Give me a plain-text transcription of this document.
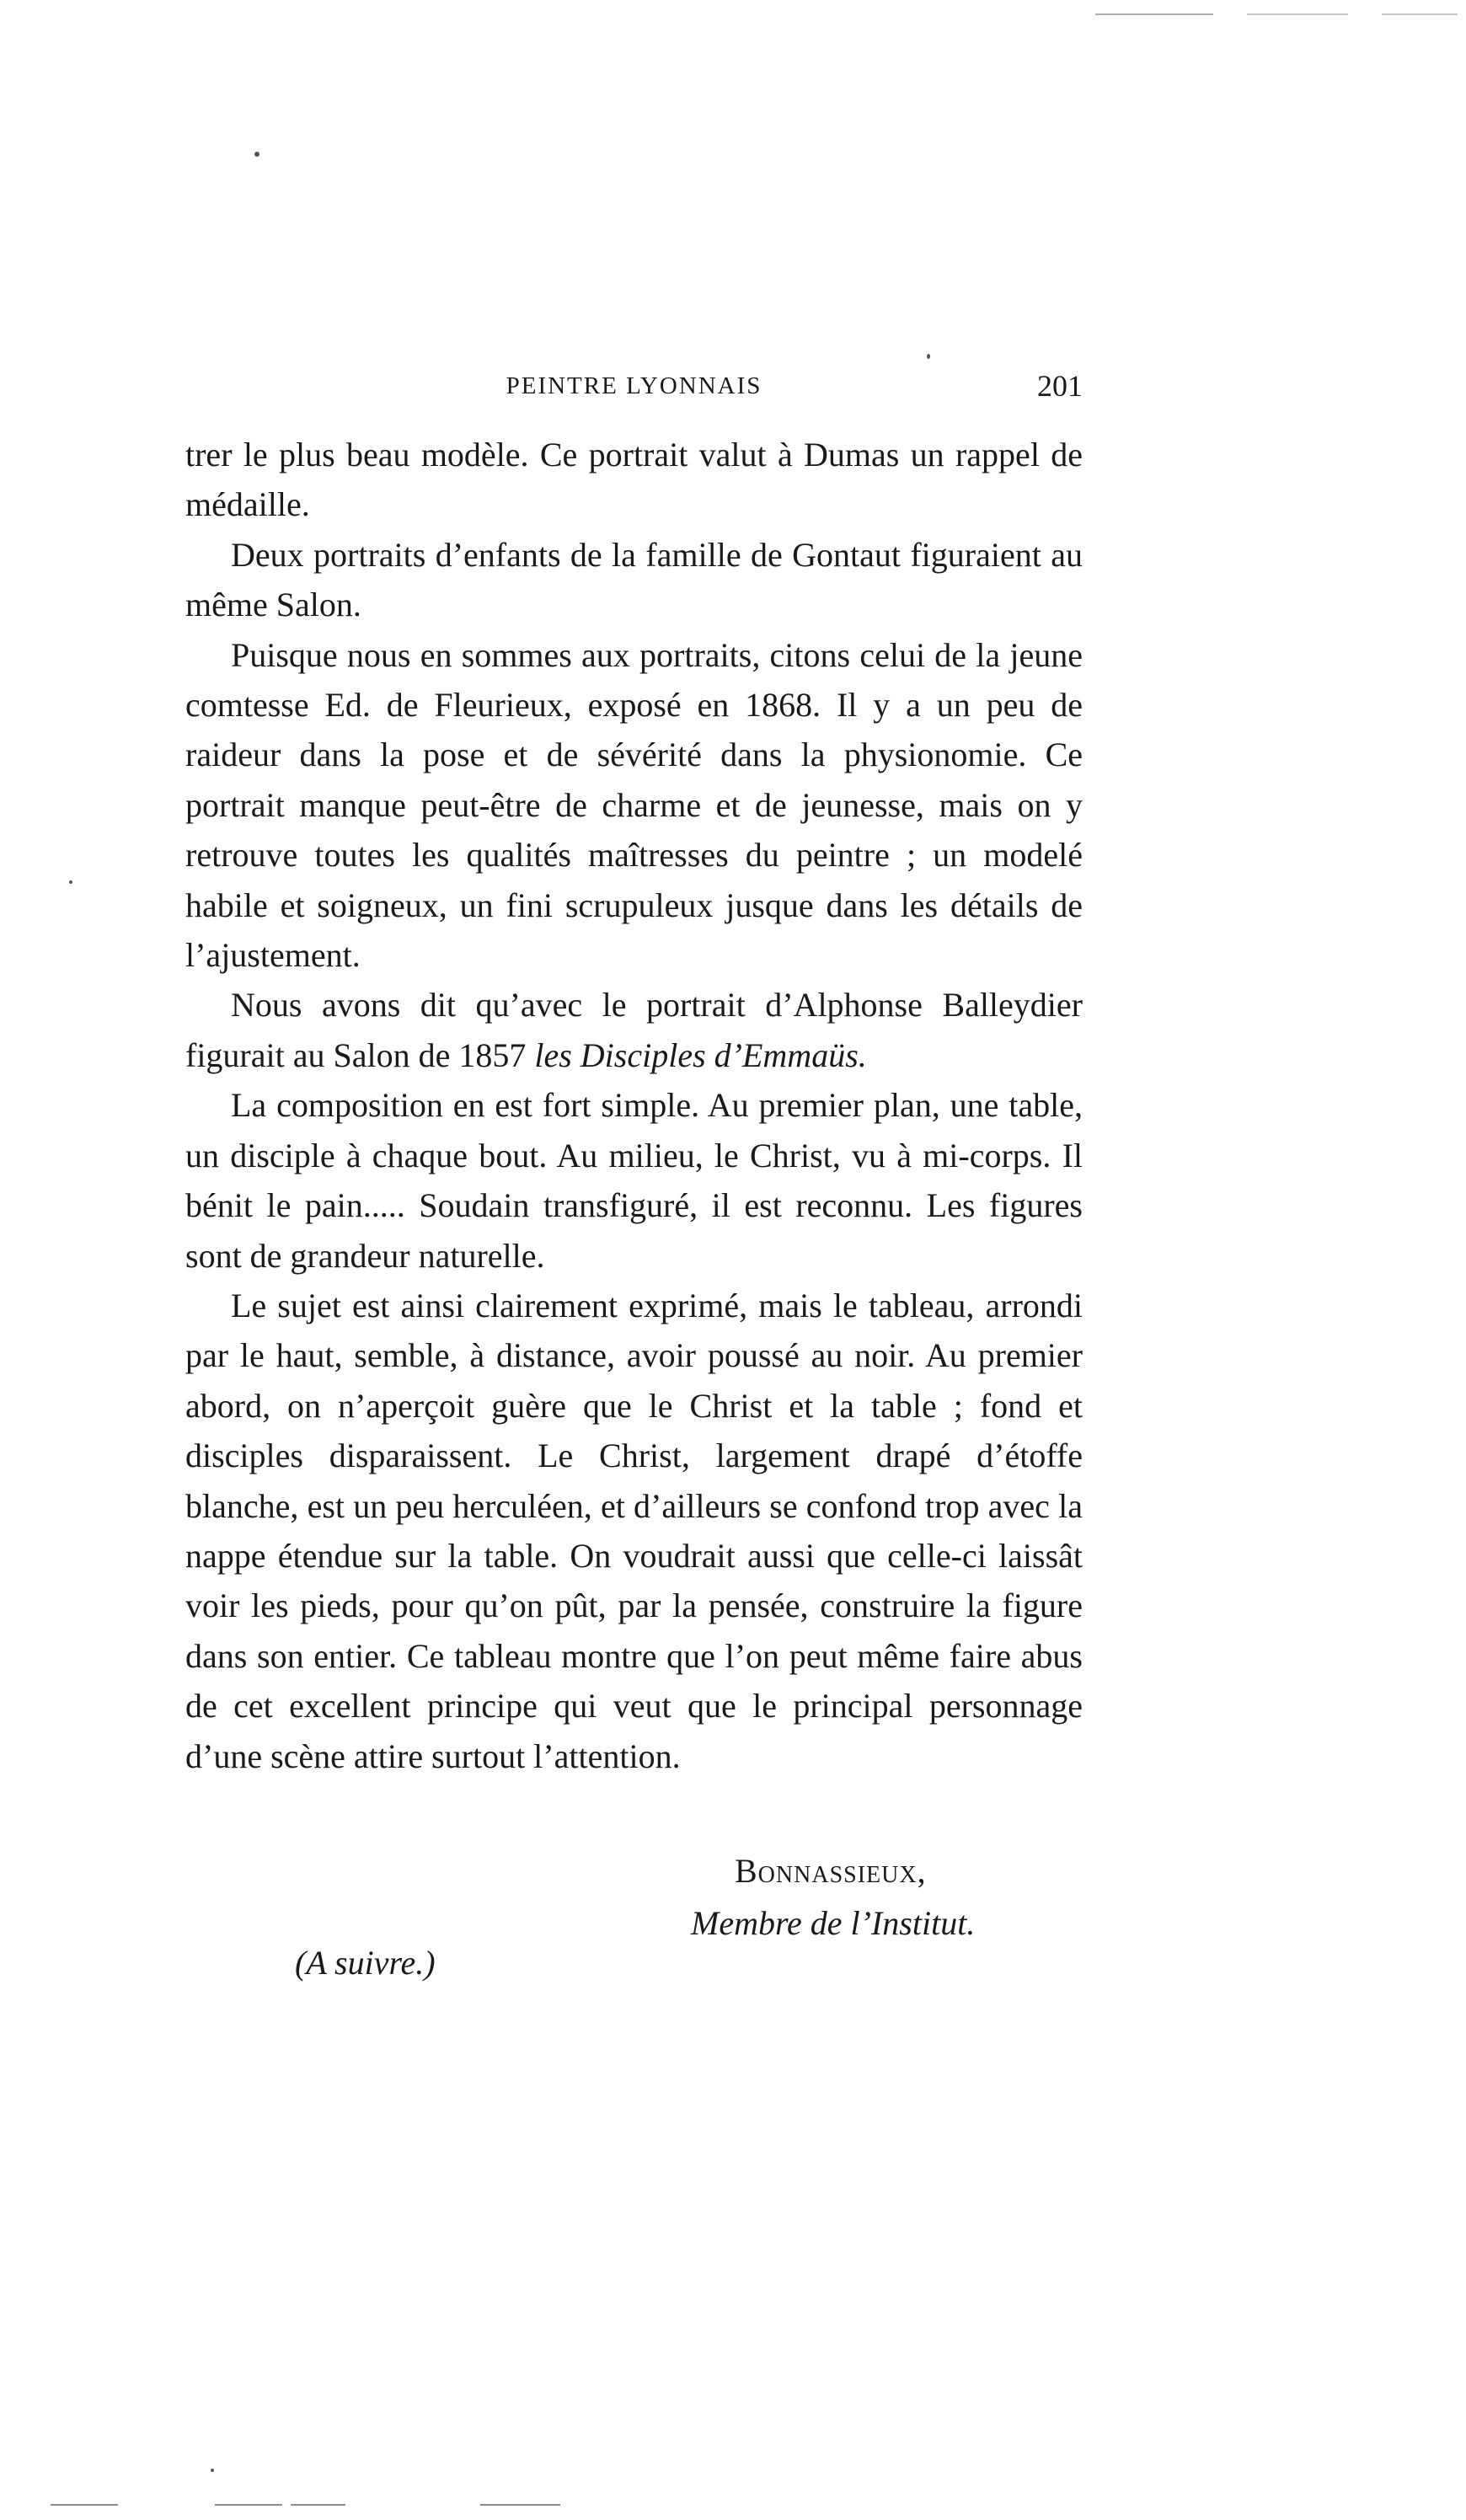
PEINTRE LYONNAIS	201

trer le plus beau modèle. Ce portrait valut à Dumas un rappel de médaille.

Deux portraits d’enfants de la famille de Gontaut figuraient au même Salon.

Puisque nous en sommes aux portraits, citons celui de la jeune comtesse Ed. de Fleurieux, exposé en 1868. Il y a un peu de raideur dans la pose et de sévérité dans la physionomie. Ce portrait manque peut-être de charme et de jeunesse, mais on y retrouve toutes les qualités maîtresses du peintre ; un modelé habile et soigneux, un fini scrupuleux jusque dans les détails de l’ajustement.

Nous avons dit qu’avec le portrait d’Alphonse Balleydier figurait au Salon de 1857 les Disciples d’Emmaüs.

La composition en est fort simple. Au premier plan, une table, un disciple à chaque bout. Au milieu, le Christ, vu à mi-corps. Il bénit le pain..... Soudain transfiguré, il est reconnu. Les figures sont de grandeur naturelle.

Le sujet est ainsi clairement exprimé, mais le tableau, arrondi par le haut, semble, à distance, avoir poussé au noir. Au premier abord, on n’aperçoit guère que le Christ et la table ; fond et disciples disparaissent. Le Christ, largement drapé d’étoffe blanche, est un peu herculéen, et d’ailleurs se confond trop avec la nappe étendue sur la table. On voudrait aussi que celle-ci laissât voir les pieds, pour qu’on pût, par la pensée, construire la figure dans son entier. Ce tableau montre que l’on peut même faire abus de cet excellent principe qui veut que le principal personnage d’une scène attire surtout l’attention.

Bonnassieux,
Membre de l’Institut.
(A suivre.)
